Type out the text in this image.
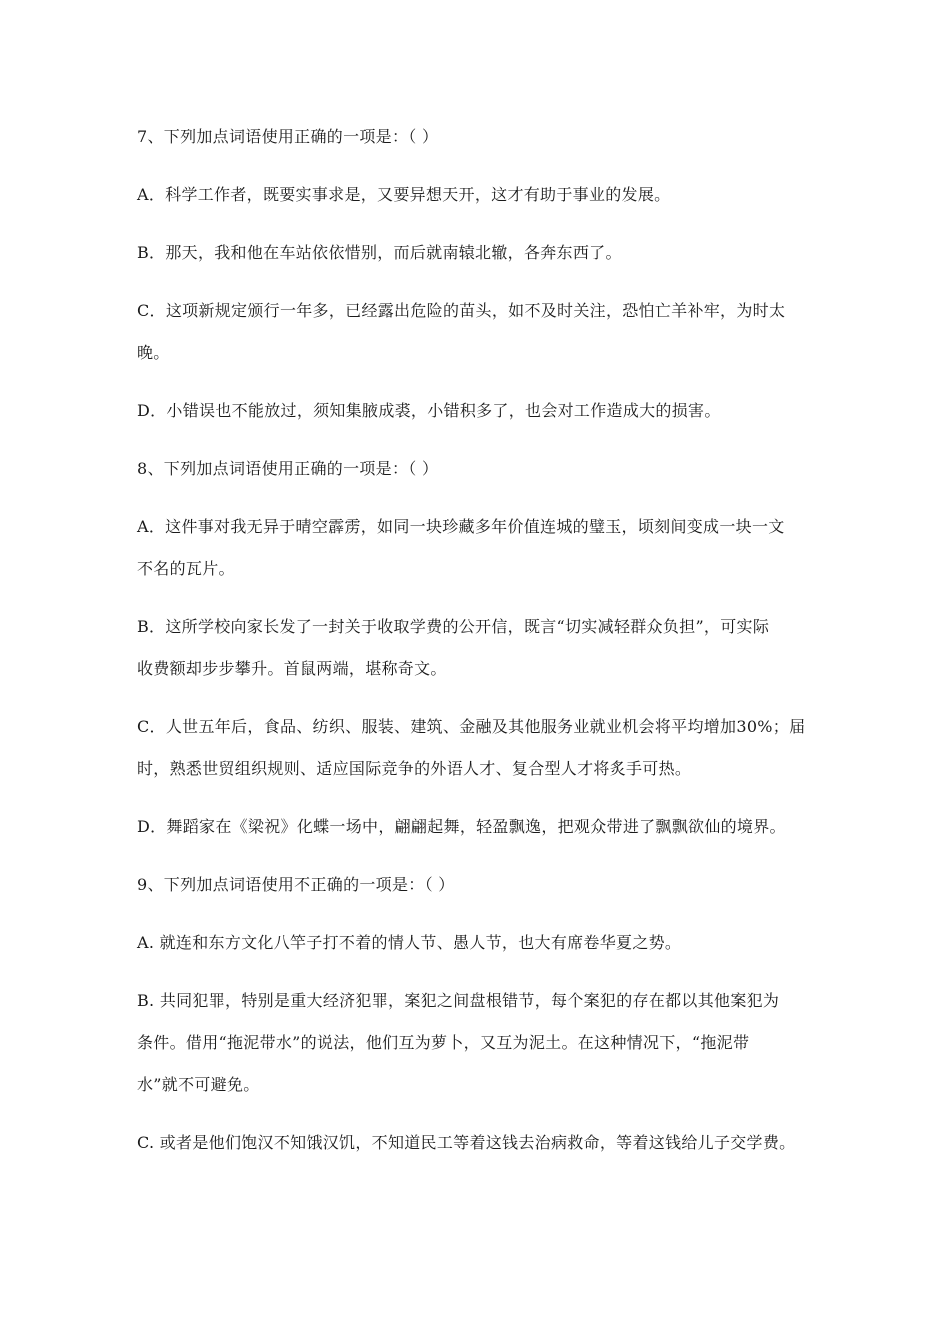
7、下列加点词语使用正确的一项是：（ ）
A．科学工作者，既要实事求是，又要异想天开，这才有助于事业的发展。
B．那天，我和他在车站依依惜别，而后就南辕北辙，各奔东西了。
C．这项新规定颁行一年多，已经露出危险的苗头，如不及时关注，恐怕亡羊补牢，为时太
晚。
D．小错误也不能放过，须知集腋成裘，小错积多了，也会对工作造成大的损害。
8、下列加点词语使用正确的一项是：（ ）
A．这件事对我无异于晴空霹雳，如同一块珍藏多年价值连城的璧玉，顷刻间变成一块一文
不名的瓦片。
B．这所学校向家长发了一封关于收取学费的公开信，既言“切实减轻群众负担”，可实际
收费额却步步攀升。首鼠两端，堪称奇文。
C．人世五年后，食品、纺织、服装、建筑、金融及其他服务业就业机会将平均增加30%；届
时，熟悉世贸组织规则、适应国际竞争的外语人才、复合型人才将炙手可热。
D．舞蹈家在《梁祝》化蝶一场中，翩翩起舞，轻盈飘逸，把观众带进了飘飘欲仙的境界。
9、下列加点词语使用不正确的一项是：（ ）
A. 就连和东方文化八竿子打不着的情人节、愚人节，也大有席卷华夏之势。
B. 共同犯罪，特别是重大经济犯罪，案犯之间盘根错节，每个案犯的存在都以其他案犯为
条件。借用“拖泥带水”的说法，他们互为萝卜，又互为泥土。在这种情况下，“拖泥带
水”就不可避免。
C. 或者是他们饱汉不知饿汉饥，不知道民工等着这钱去治病救命，等着这钱给儿子交学费。
